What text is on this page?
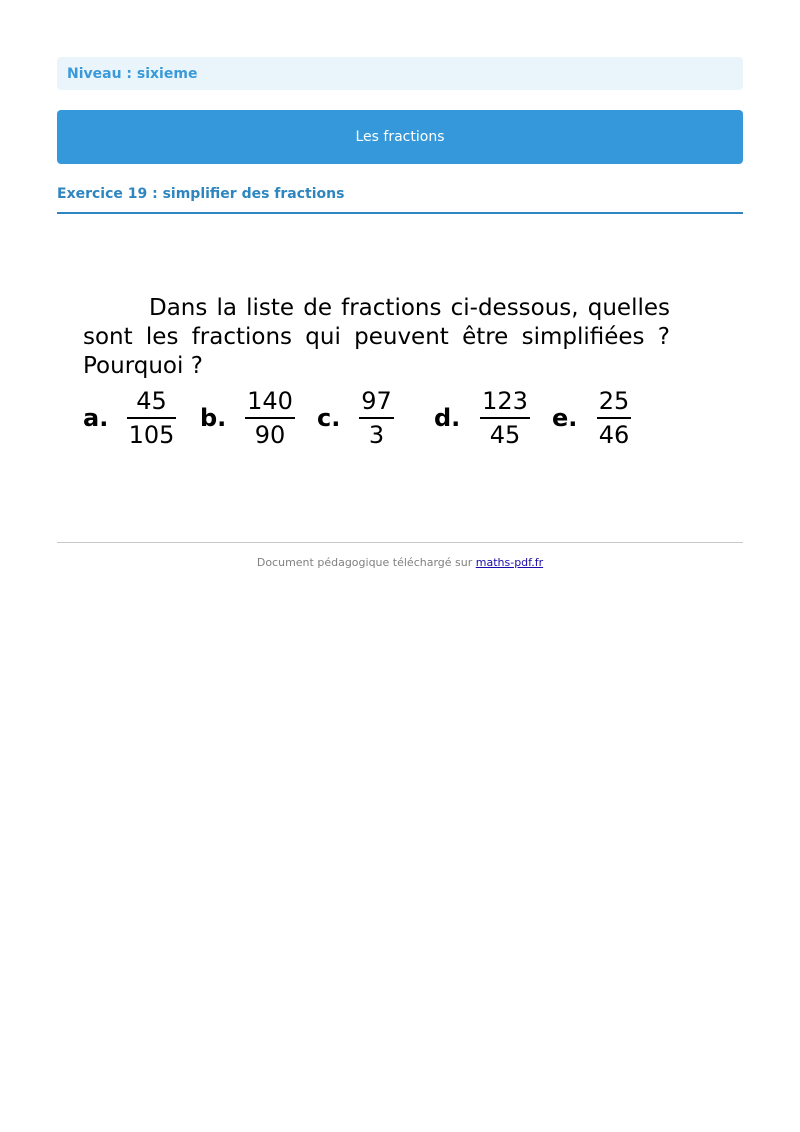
Niveau : sixieme
Les fractions
Exercice 19 : simplifier des fractions
Dans la liste de fractions ci-dessous, quelles sont les fractions qui peuvent être simplifiées ? Pourquoi ?
a.
45
105
b.
140
90
c.
97
3
d.
123
45
e.
25
46
Document pédagogique téléchargé sur maths-pdf.fr
